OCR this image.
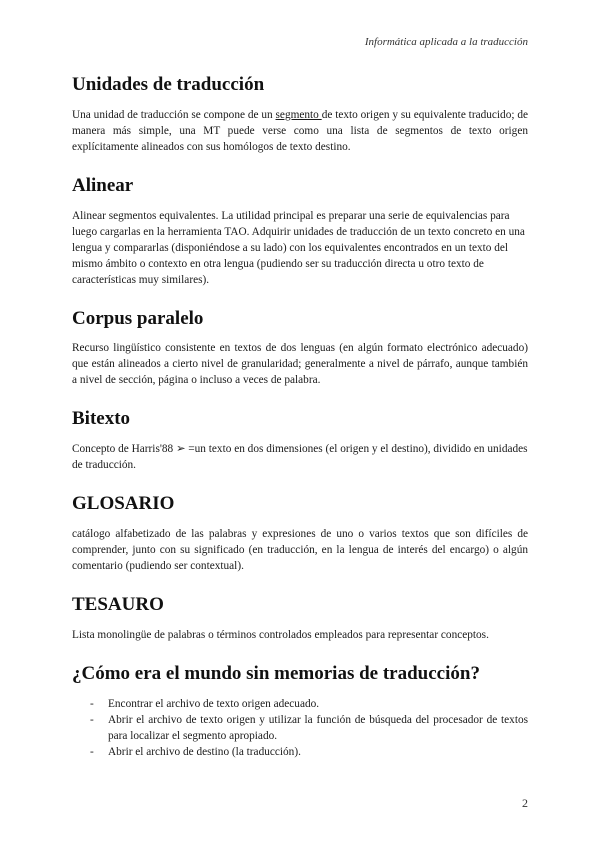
Informática aplicada a la traducción
Unidades de traducción

Una unidad de traducción se compone de un segmento de texto origen y su equivalente traducido; de manera más simple, una MT puede verse como una lista de segmentos de texto origen explícitamente alineados con sus homólogos de texto destino.

Alinear

Alinear segmentos equivalentes. La utilidad principal es preparar una serie de equivalencias para luego cargarlas en la herramienta TAO. Adquirir unidades de traducción de un texto concreto en una lengua y compararlas (disponiéndose a su lado) con los equivalentes encontrados en un texto del mismo ámbito o contexto en otra lengua (pudiendo ser su traducción directa u otro texto de características muy similares).

Corpus paralelo

Recurso lingüístico consistente en textos de dos lenguas (en algún formato electrónico adecuado) que están alineados a cierto nivel de granularidad; generalmente a nivel de párrafo, aunque también a nivel de sección, página o incluso a veces de palabra.

Bitexto

Concepto de Harris'88 ➢ =un texto en dos dimensiones (el origen y el destino), dividido en unidades de traducción.

GLOSARIO

catálogo alfabetizado de las palabras y expresiones de uno o varios textos que son difíciles de comprender, junto con su significado (en traducción, en la lengua de interés del encargo) o algún comentario (pudiendo ser contextual).

TESAURO

Lista monolingüe de palabras o términos controlados empleados para representar conceptos.

¿Cómo era el mundo sin memorias de traducción?
- Encontrar el archivo de texto origen adecuado.
- Abrir el archivo de texto origen y utilizar la función de búsqueda del procesador de textos para localizar el segmento apropiado.
- Abrir el archivo de destino (la traducción).
2
